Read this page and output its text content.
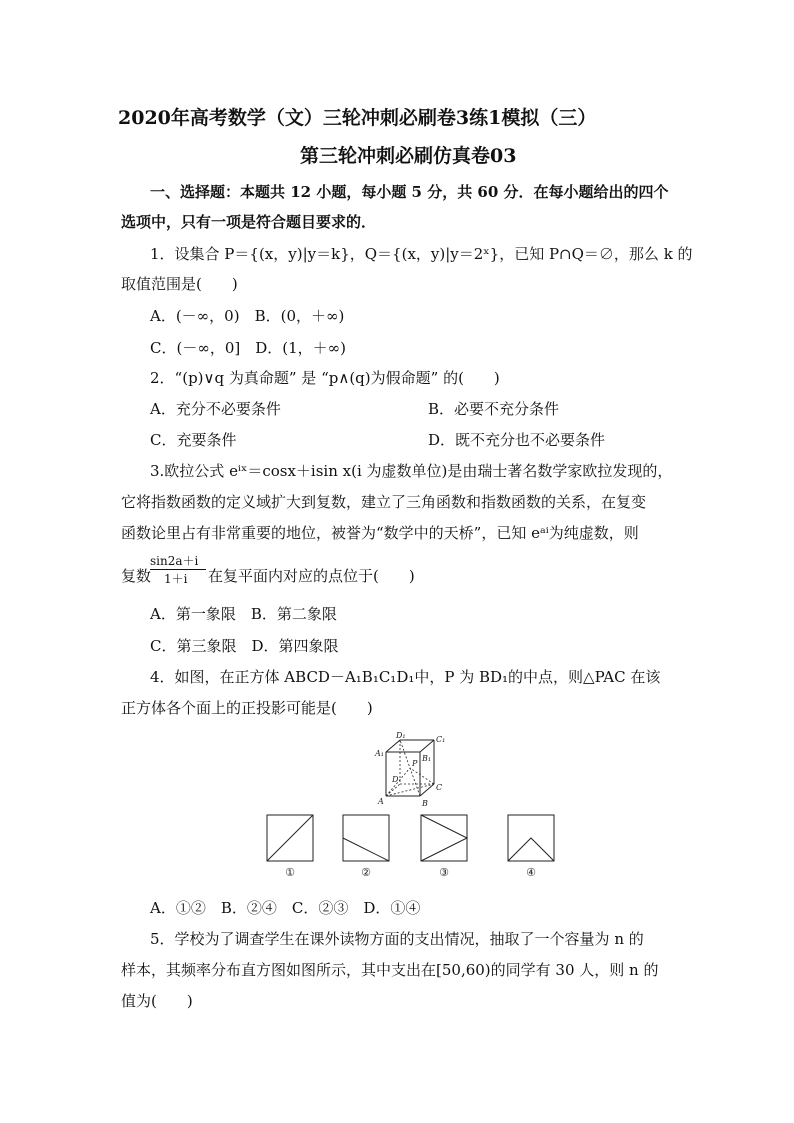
2020年高考数学（文）三轮冲刺必刷卷3练1模拟（三）
第三轮冲刺必刷仿真卷03
一、选择题：本题共 12 小题，每小题 5 分，共 60 分．在每小题给出的四个
选项中，只有一项是符合题目要求的．
1．设集合 P＝{(x，y)|y＝k}，Q＝{(x，y)|y＝2ˣ}，已知 P∩Q＝∅，那么 k 的
取值范围是(　　)
A．(－∞，0)　B．(0，＋∞)
C．(－∞，0]　D．(1，＋∞)
2．“(p)∨q 为真命题” 是 “p∧(q)为假命题” 的(　　)
A．充分不必要条件	B．必要不充分条件
C．充要条件	D．既不充分也不必要条件
3.欧拉公式 eⁱˣ＝cosx＋isin x(i 为虚数单位)是由瑞士著名数学家欧拉发现的，
它将指数函数的定义域扩大到复数，建立了三角函数和指数函数的关系，在复变
函数论里占有非常重要的地位，被誉为“数学中的天桥”，已知 eᵃⁱ为纯虚数，则
复数
sin2a＋i
1＋i 在复平面内对应的点位于(　　)
A．第一象限　B．第二象限
C．第三象限　D．第四象限
4．如图，在正方体 ABCD－A₁B₁C₁D₁中，P 为 BD₁的中点，则△PAC 在该
正方体各个面上的正投影可能是(　　)
A	B
C
D
A₁
B₁
C₁
D₁
P
①	②	③	④
A．①②　B．②④　C．②③　D．①④
5．学校为了调查学生在课外读物方面的支出情况，抽取了一个容量为 n 的
样本，其频率分布直方图如图所示，其中支出在[50,60)的同学有 30 人，则 n 的
值为(　　)
